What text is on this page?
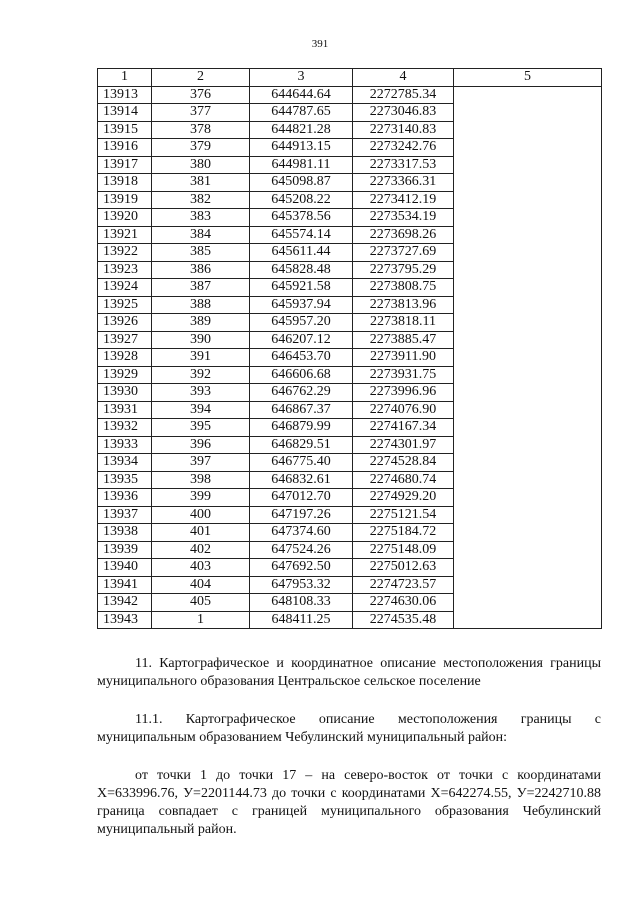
391
1	2	3	4	5
13913	376	644644.64	2272785.34	
13914	377	644787.65	2273046.83	
13915	378	644821.28	2273140.83	
13916	379	644913.15	2273242.76	
13917	380	644981.11	2273317.53	
13918	381	645098.87	2273366.31	
13919	382	645208.22	2273412.19	
13920	383	645378.56	2273534.19	
13921	384	645574.14	2273698.26	
13922	385	645611.44	2273727.69	
13923	386	645828.48	2273795.29	
13924	387	645921.58	2273808.75	
13925	388	645937.94	2273813.96	
13926	389	645957.20	2273818.11	
13927	390	646207.12	2273885.47	
13928	391	646453.70	2273911.90	
13929	392	646606.68	2273931.75	
13930	393	646762.29	2273996.96	
13931	394	646867.37	2274076.90	
13932	395	646879.99	2274167.34	
13933	396	646829.51	2274301.97	
13934	397	646775.40	2274528.84	
13935	398	646832.61	2274680.74	
13936	399	647012.70	2274929.20	
13937	400	647197.26	2275121.54	
13938	401	647374.60	2275184.72	
13939	402	647524.26	2275148.09	
13940	403	647692.50	2275012.63	
13941	404	647953.32	2274723.57	
13942	405	648108.33	2274630.06	
13943	1	648411.25	2274535.48	
11. Картографическое и координатное описание местоположения границы муниципального образования Центральское сельское поселение
11.1. Картографическое описание местоположения границы с муниципальным образованием Чебулинский муниципальный район:
от точки 1 до точки 17 – на северо-восток от точки с координатами Х=633996.76, У=2201144.73 до точки с координатами Х=642274.55, У=2242710.88 граница совпадает с границей муниципального образования Чебулинский муниципальный район.
